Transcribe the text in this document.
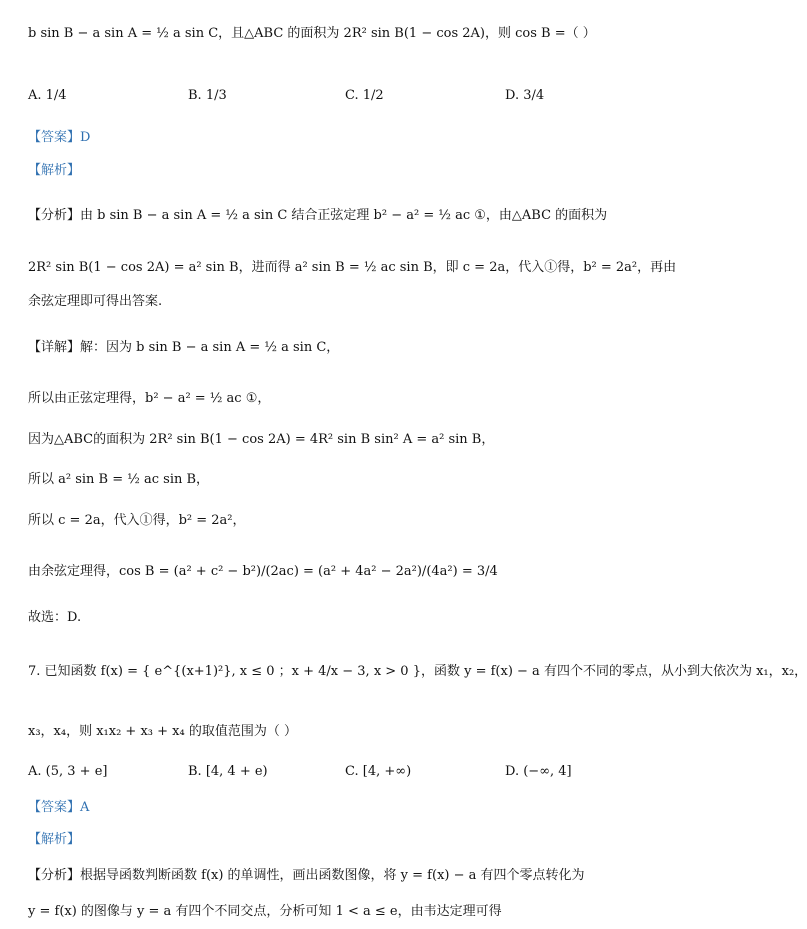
b sin B − a sin A = ½ a sin C，且△ABC 的面积为 2R² sin B(1 − cos 2A)，则 cos B =（ ）
【答案】D
【解析】
【分析】由 b sin B − a sin A = ½ a sin C 结合正弦定理 b² − a² = ½ ac ①，由△ABC 的面积为
2R² sin B(1 − cos 2A) = a² sin B，进而得 a² sin B = ½ ac sin B，即 c = 2a，代入①得，b² = 2a²，再由
余弦定理即可得出答案.
【详解】解：因为 b sin B − a sin A = ½ a sin C，
所以由正弦定理得，b² − a² = ½ ac ①，
因为△ABC的面积为 2R² sin B(1 − cos 2A) = 4R² sin B sin² A = a² sin B，
所以 a² sin B = ½ ac sin B，
所以 c = 2a，代入①得，b² = 2a²，
由余弦定理得，cos B = (a² + c² − b²)/(2ac) = (a² + 4a² − 2a²)/(4a²) = 3/4
故选：D.
7. 已知函数 f(x) = { e^{(x+1)²}, x ≤ 0 ；x + 4/x − 3, x > 0 }，函数 y = f(x) − a 有四个不同的零点，从小到大依次为 x₁，x₂，
x₃，x₄，则 x₁x₂ + x₃ + x₄ 的取值范围为（ ）
【答案】A
【解析】
【分析】根据导函数判断函数 f(x) 的单调性，画出函数图像，将 y = f(x) − a 有四个零点转化为
y = f(x) 的图像与 y = a 有四个不同交点，分析可知 1 < a ≤ e，由韦达定理可得
A. 1/4	B. 1/3	C. 1/2	D. 3/4
A. (5, 3 + e]	B. [4, 4 + e)	C. [4, +∞)	D. (−∞, 4]
